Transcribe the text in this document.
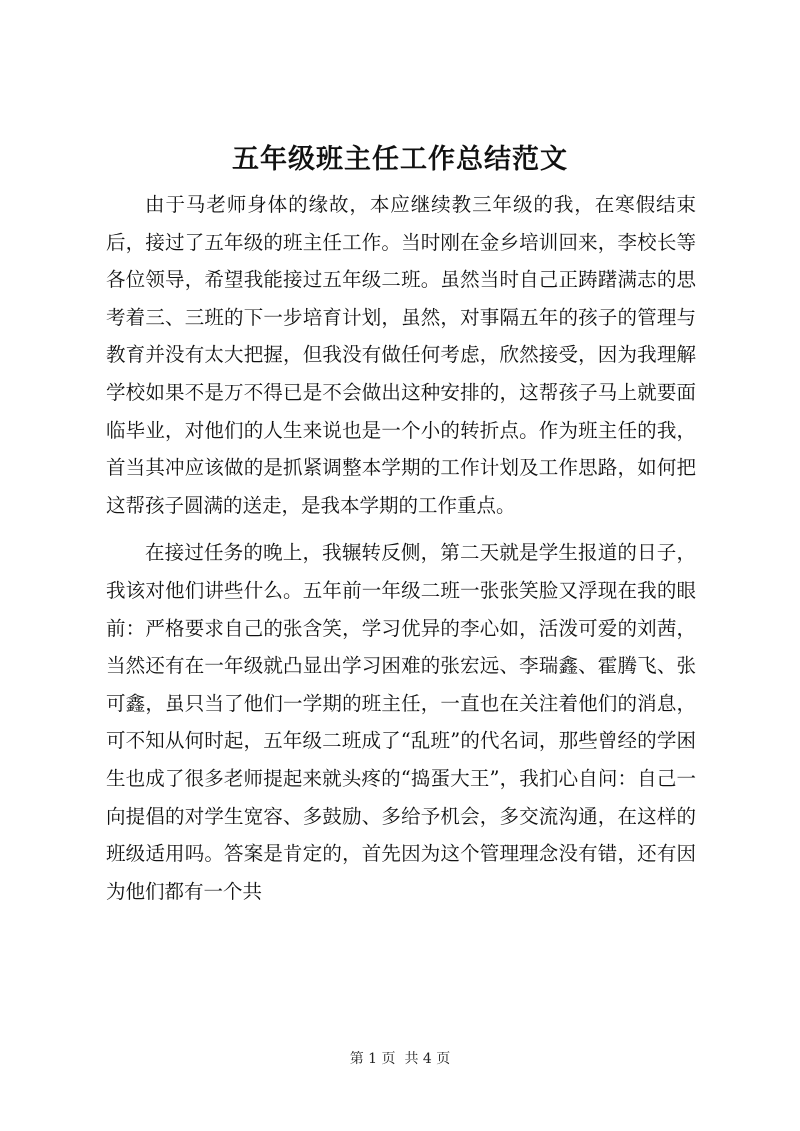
五年级班主任工作总结范文

由于马老师身体的缘故，本应继续教三年级的我，在寒假结束后，接过了五年级的班主任工作。当时刚在金乡培训回来，李校长等各位领导，希望我能接过五年级二班。虽然当时自己正踌躇满志的思考着三、三班的下一步培育计划，虽然，对事隔五年的孩子的管理与教育并没有太大把握，但我没有做任何考虑，欣然接受，因为我理解学校如果不是万不得已是不会做出这种安排的，这帮孩子马上就要面临毕业，对他们的人生来说也是一个小的转折点。作为班主任的我，首当其冲应该做的是抓紧调整本学期的工作计划及工作思路，如何把这帮孩子圆满的送走，是我本学期的工作重点。

在接过任务的晚上，我辗转反侧，第二天就是学生报道的日子，我该对他们讲些什么。五年前一年级二班一张张笑脸又浮现在我的眼前：严格要求自己的张含笑，学习优异的李心如，活泼可爱的刘茜，当然还有在一年级就凸显出学习困难的张宏远、李瑞鑫、霍腾飞、张可鑫，虽只当了他们一学期的班主任，一直也在关注着他们的消息，可不知从何时起，五年级二班成了“乱班”的代名词，那些曾经的学困生也成了很多老师提起来就头疼的“捣蛋大王”，我扪心自问：自己一向提倡的对学生宽容、多鼓励、多给予机会，多交流沟通，在这样的班级适用吗。答案是肯定的，首先因为这个管理理念没有错，还有因为他们都有一个共

第 1 页  共 4 页
